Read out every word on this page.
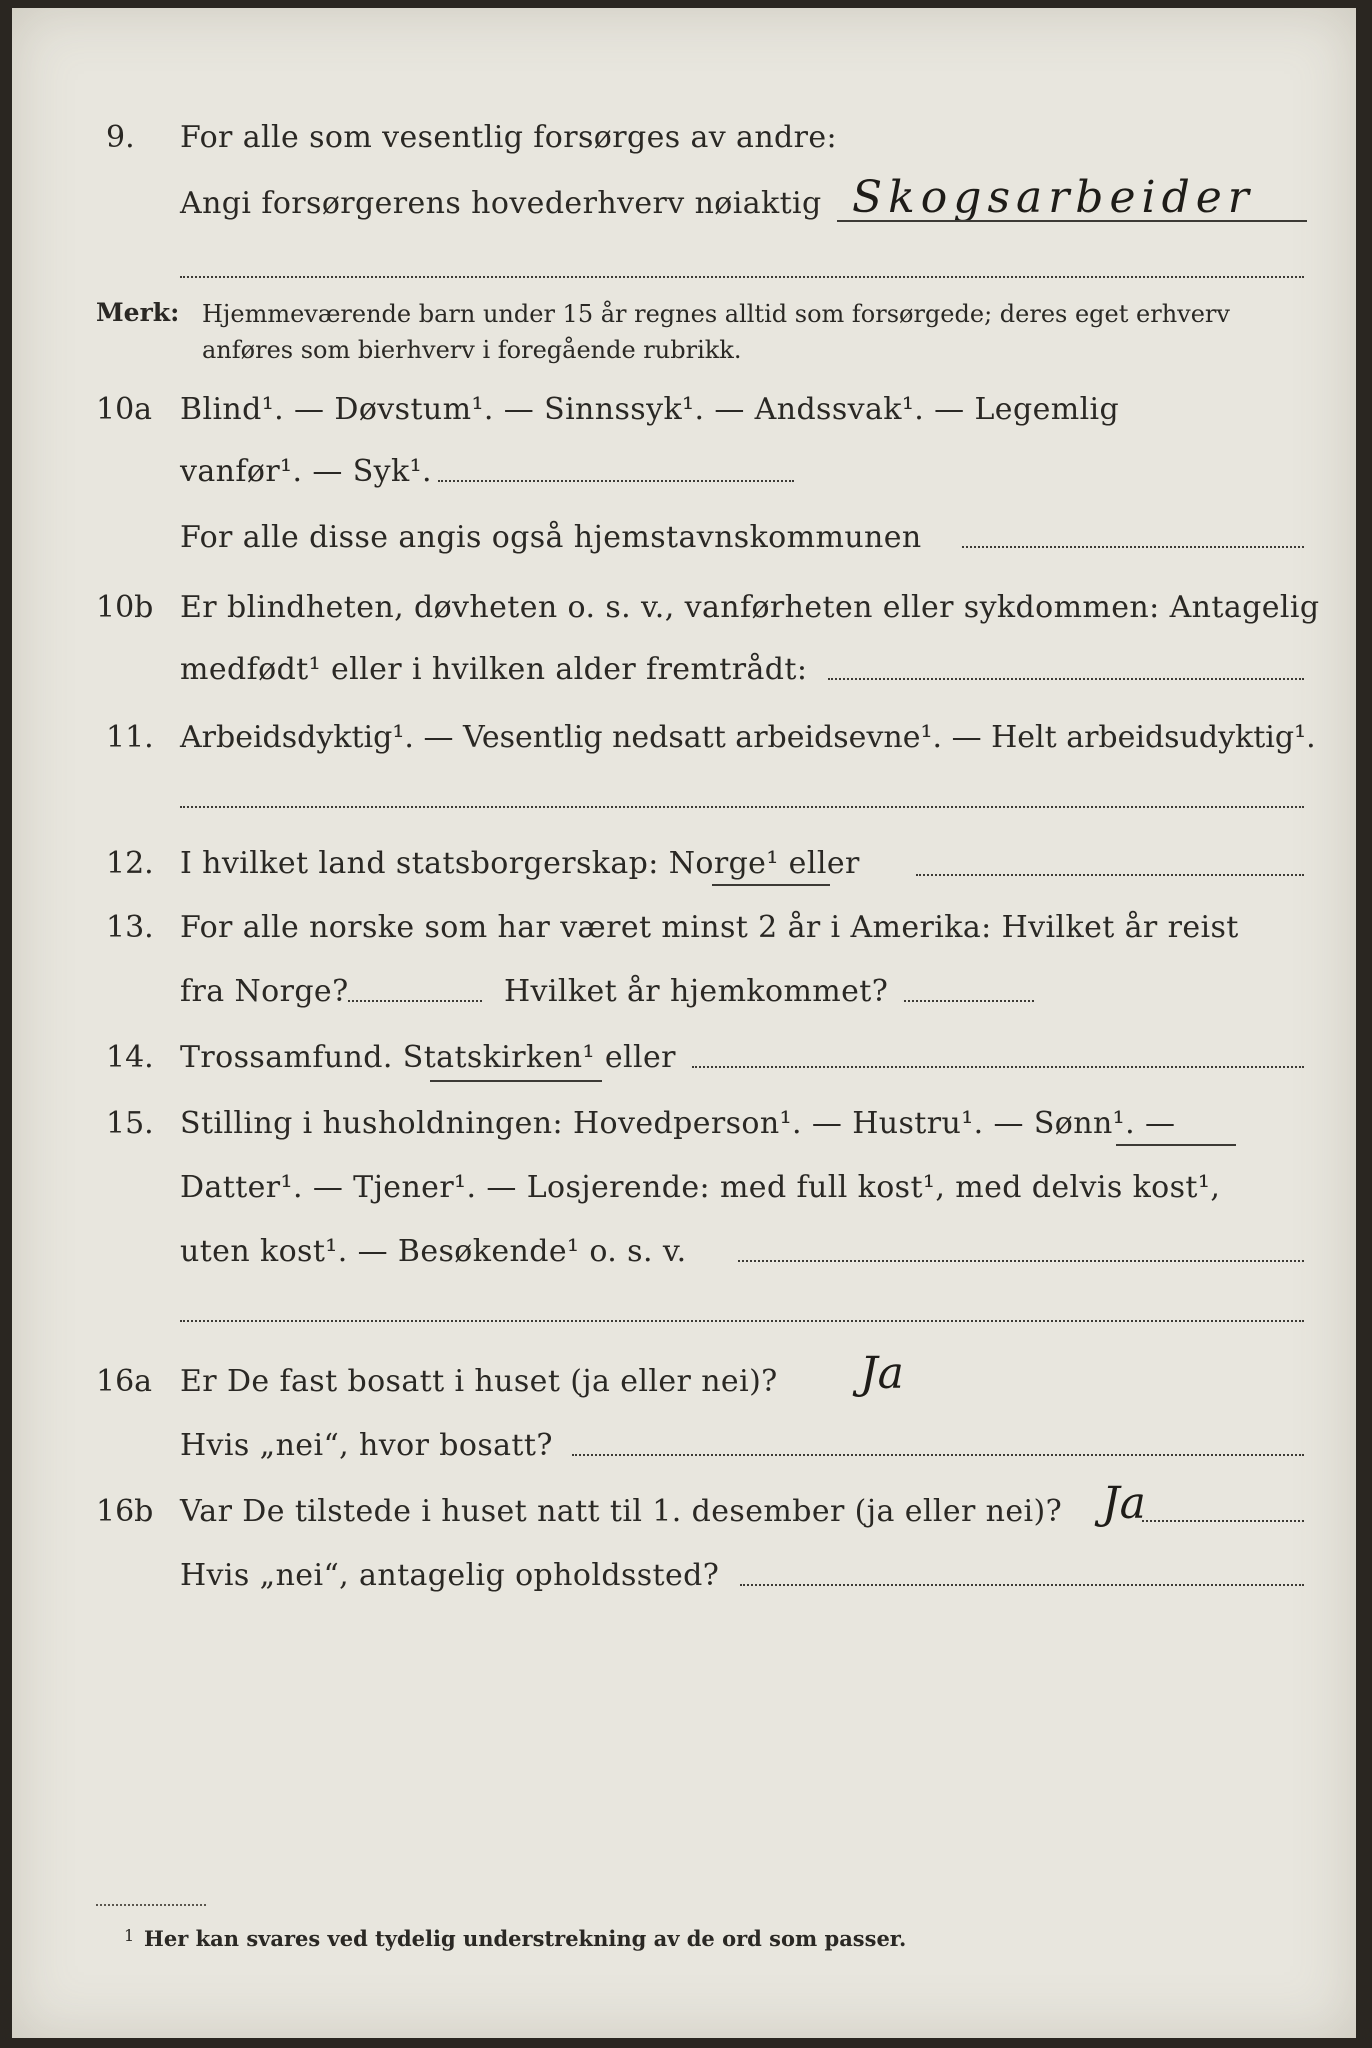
9. For alle som vesentlig forsørges av andre:
Angi forsørgerens hovederhverv nøiaktig Skogsarbeider
Merk: Hjemmeværende barn under 15 år regnes alltid som forsørgede; deres eget erhverv
anføres som bierhverv i foregående rubrikk.
10a Blind¹. — Døvstum¹. — Sinnssyk¹. — Andssvak¹. — Legemlig
vanfør¹. — Syk¹.
For alle disse angis også hjemstavnskommunen
10b Er blindheten, døvheten o. s. v., vanførheten eller sykdommen: Antagelig
medfødt¹ eller i hvilken alder fremtrådt:
11. Arbeidsdyktig¹. — Vesentlig nedsatt arbeidsevne¹. — Helt arbeidsudyktig¹.
12. I hvilket land statsborgerskap: Norge¹ eller
13. For alle norske som har været minst 2 år i Amerika: Hvilket år reist
fra Norge?	Hvilket år hjemkommet?
14. Trossamfund. Statskirken¹ eller
15. Stilling i husholdningen: Hovedperson¹. — Hustru¹. — Sønn¹. —
Datter¹. — Tjener¹. — Losjerende: med full kost¹, med delvis kost¹,
uten kost¹. — Besøkende¹ o. s. v.
16a Er De fast bosatt i huset (ja eller nei)? Ja
Hvis „nei“, hvor bosatt?
16b Var De tilstede i huset natt til 1. desember (ja eller nei)? Ja
Hvis „nei“, antagelig opholdssted?
1 Her kan svares ved tydelig understrekning av de ord som passer.
